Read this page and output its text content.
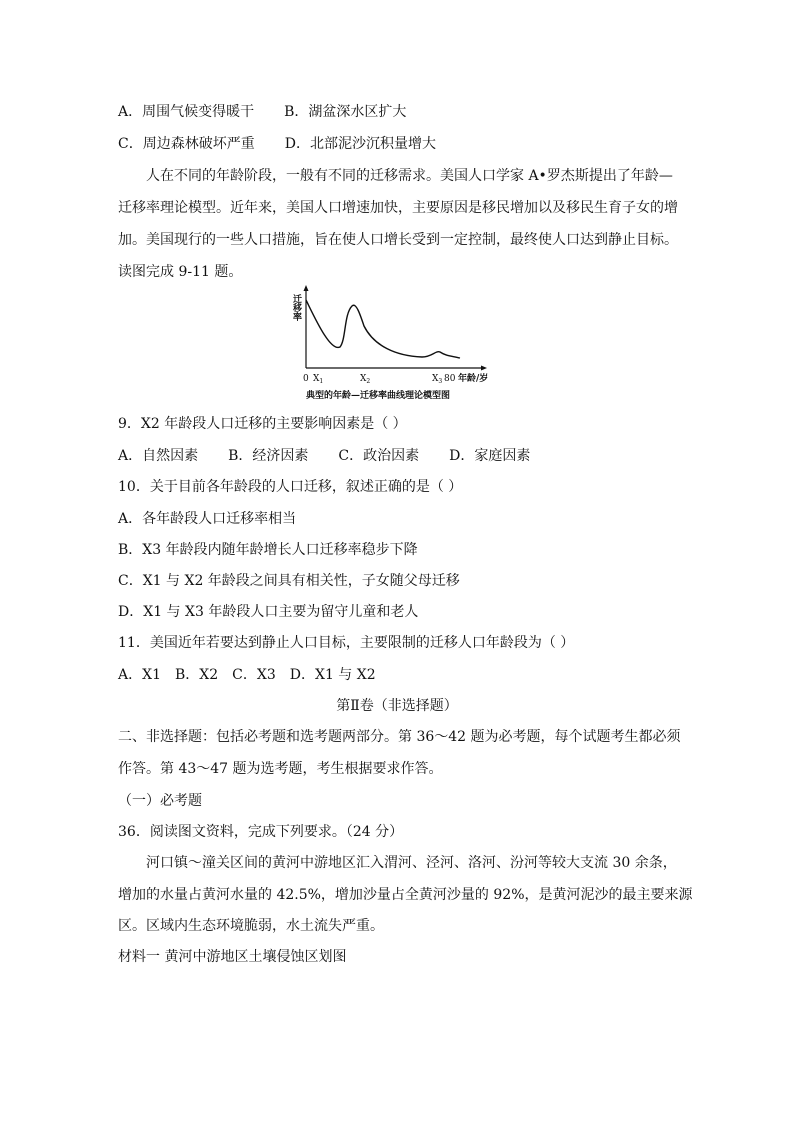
A．周围气候变得暖干 B．湖盆深水区扩大
C．周边森林破坏严重 D．北部泥沙沉积量增大
人在不同的年龄阶段，一般有不同的迁移需求。美国人口学家 A•罗杰斯提出了年龄—
迁移率理论模型。近年来，美国人口增速加快，主要原因是移民增加以及移民生育子女的增
加。美国现行的一些人口措施，旨在使人口增长受到一定控制，最终使人口达到静止目标。
读图完成 9-11 题。
迁移率
0 $X_1$	$X_2$	$X_3$ 80 年龄/岁
典型的年龄—迁移率曲线理论模型图
9．X2 年龄段人口迁移的主要影响因素是（ ）
A．自然因素 B．经济因素 C．政治因素 D．家庭因素
10．关于目前各年龄段的人口迁移，叙述正确的是（ ）
A．各年龄段人口迁移率相当
B．X3 年龄段内随年龄增长人口迁移率稳步下降
C．X1 与 X2 年龄段之间具有相关性，子女随父母迁移
D．X1 与 X3 年龄段人口主要为留守儿童和老人
11．美国近年若要达到静止人口目标，主要限制的迁移人口年龄段为（ ）
A．X1 B．X2 C．X3 D．X1 与 X2
第Ⅱ卷（非选择题）
二、非选择题：包括必考题和选考题两部分。第 36～42 题为必考题，每个试题考生都必须
作答。第 43～47 题为选考题，考生根据要求作答。
（一）必考题
36．阅读图文资料，完成下列要求。（24 分）
河口镇～潼关区间的黄河中游地区汇入渭河、泾河、洛河、汾河等较大支流 30 余条，
增加的水量占黄河水量的 42.5%，增加沙量占全黄河沙量的 92%，是黄河泥沙的最主要来源
区。区域内生态环境脆弱，水土流失严重。
材料一 黄河中游地区土壤侵蚀区划图
